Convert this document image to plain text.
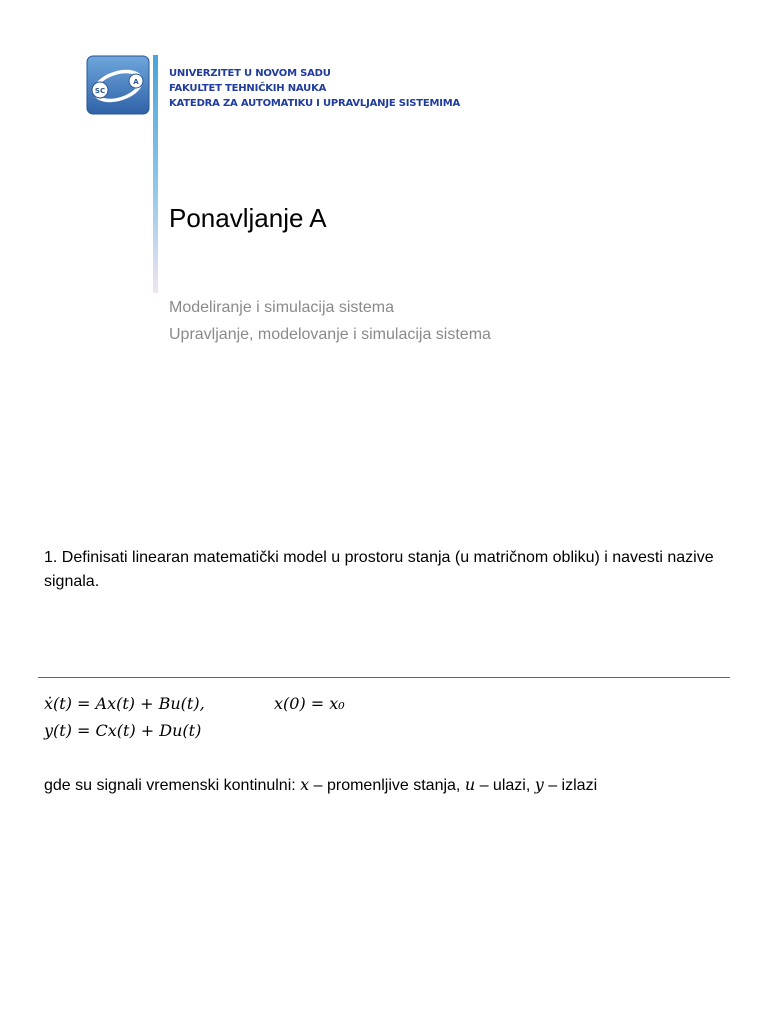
SC
A
UNIVERZITET U NOVOM SADU
FAKULTET TEHNIČKIH NAUKA
KATEDRA ZA AUTOMATIKU I UPRAVLJANJE SISTEMIMA
Ponavljanje A
Modeliranje i simulacija sistema
Upravljanje, modelovanje i simulacija sistema
1. Definisati linearan matematički model u prostoru stanja (u matričnom obliku) i navesti nazive signala.
ẋ(t) = Ax(t) + Bu(t),	x(0) = x₀
y(t) = Cx(t) + Du(t)
gde su signali vremenski kontinulni: x – promenljive stanja, u – ulazi, y – izlazi
